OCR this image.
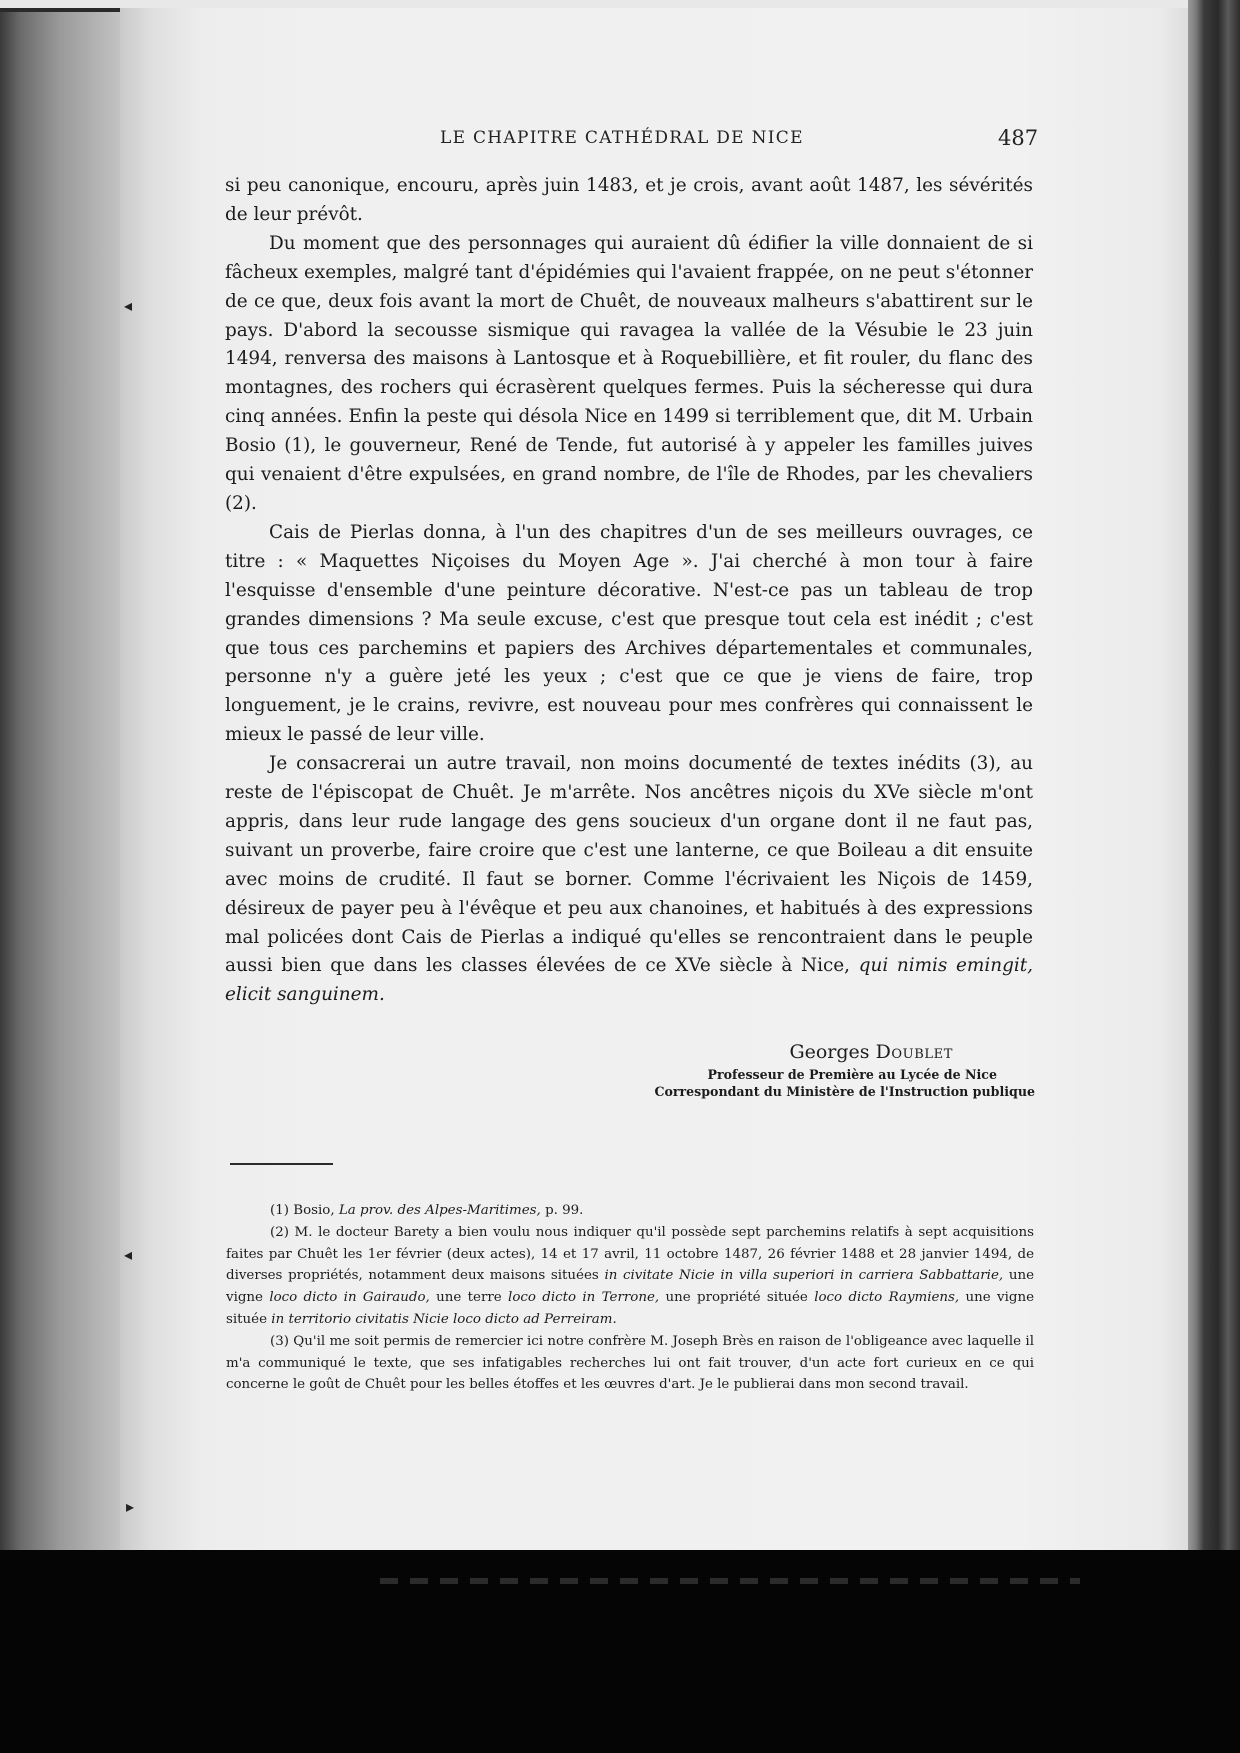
◂
◂
▸
LE CHAPITRE CATHÉDRAL DE NICE	487

si peu canonique, encouru, après juin 1483, et je crois, avant août 1487, les sévérités de leur prévôt.

Du moment que des personnages qui auraient dû édifier la ville donnaient de si fâcheux exemples, malgré tant d'épidémies qui l'avaient frappée, on ne peut s'étonner de ce que, deux fois avant la mort de Chuêt, de nouveaux malheurs s'abattirent sur le pays. D'abord la secousse sismique qui ravagea la vallée de la Vésubie le 23 juin 1494, renversa des maisons à Lantosque et à Roquebillière, et fit rouler, du flanc des montagnes, des rochers qui écrasèrent quelques fermes. Puis la sécheresse qui dura cinq années. Enfin la peste qui désola Nice en 1499 si terriblement que, dit M. Urbain Bosio (1), le gouverneur, René de Tende, fut autorisé à y appeler les familles juives qui venaient d'être expulsées, en grand nombre, de l'île de Rhodes, par les chevaliers (2).

Cais de Pierlas donna, à l'un des chapitres d'un de ses meilleurs ouvrages, ce titre : « Maquettes Niçoises du Moyen Age ». J'ai cherché à mon tour à faire l'esquisse d'ensemble d'une peinture décorative. N'est-ce pas un tableau de trop grandes dimensions ? Ma seule excuse, c'est que presque tout cela est inédit ; c'est que tous ces parchemins et papiers des Archives départementales et communales, personne n'y a guère jeté les yeux ; c'est que ce que je viens de faire, trop longuement, je le crains, revivre, est nouveau pour mes confrères qui connaissent le mieux le passé de leur ville.

Je consacrerai un autre travail, non moins documenté de textes inédits (3), au reste de l'épiscopat de Chuêt. Je m'arrête. Nos ancêtres niçois du XVe siècle m'ont appris, dans leur rude langage des gens soucieux d'un organe dont il ne faut pas, suivant un proverbe, faire croire que c'est une lanterne, ce que Boileau a dit ensuite avec moins de crudité. Il faut se borner. Comme l'écrivaient les Niçois de 1459, désireux de payer peu à l'évêque et peu aux chanoines, et habitués à des expressions mal policées dont Cais de Pierlas a indiqué qu'elles se rencontraient dans le peuple aussi bien que dans les classes élevées de ce XVe siècle à Nice, qui nimis emingit, elicit sanguinem.

Georges Doublet
Professeur de Première au Lycée de Nice
Correspondant du Ministère de l'Instruction publique

(1) Bosio, La prov. des Alpes-Maritimes, p. 99.

(2) M. le docteur Barety a bien voulu nous indiquer qu'il possède sept parchemins relatifs à sept acquisitions faites par Chuêt les 1er février (deux actes), 14 et 17 avril, 11 octobre 1487, 26 février 1488 et 28 janvier 1494, de diverses propriétés, notamment deux maisons situées in civitate Nicie in villa superiori in carriera Sabbattarie, une vigne loco dicto in Gairaudo, une terre loco dicto in Terrone, une propriété située loco dicto Raymiens, une vigne située in territorio civitatis Nicie loco dicto ad Perreiram.

(3) Qu'il me soit permis de remercier ici notre confrère M. Joseph Brès en raison de l'obligeance avec laquelle il m'a communiqué le texte, que ses infatigables recherches lui ont fait trouver, d'un acte fort curieux en ce qui concerne le goût de Chuêt pour les belles étoffes et les œuvres d'art. Je le publierai dans mon second travail.
